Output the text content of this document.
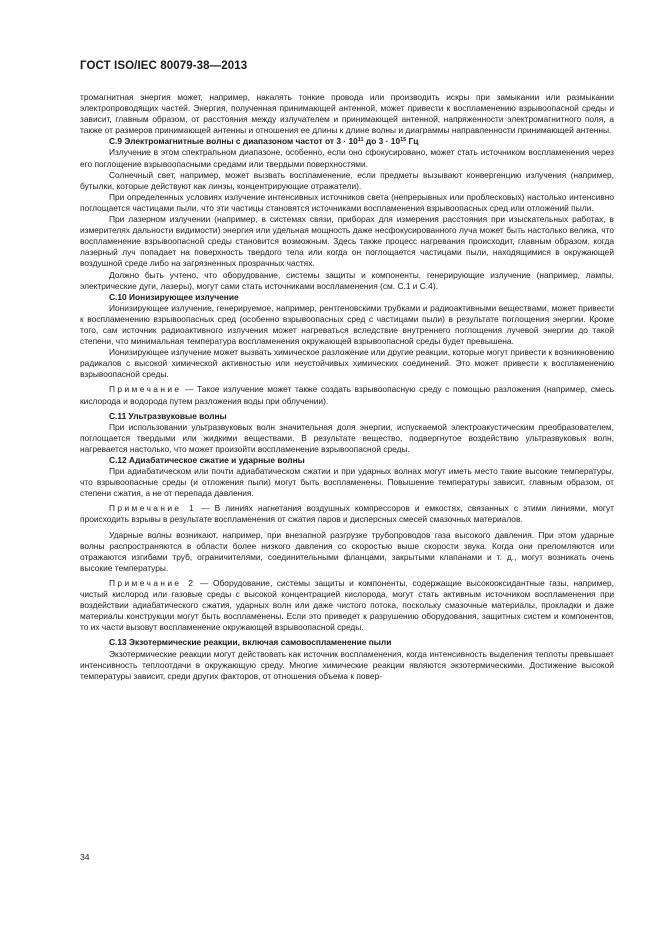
ГОСТ ISO/IEC 80079-38—2013

тромагнитная энергия может, например, накалять тонкие провода или производить искры при замыкании или размыкании электропроводящих частей. Энергия, полученная принимающей антенной, может привести к воспламенению взрывоопасной среды и зависит, главным образом, от расстояния между излучателем и принимающей антенной, напряженности электромагнитного поля, а также от размеров принимающей антенны и отношения ее длины к длине волны и диаграммы направленности принимающей антенны.

С.9 Электромагнитные волны с диапазоном частот от $3 \cdot 10^{11}$ до $3 \cdot 10^{15}$ Гц

Излучение в этом спектральном диапазоне, особенно, если оно сфокусировано, может стать источником воспламенения через его поглощение взрывоопасными средами или твердыми поверхностями.

Солнечный свет, например, может вызвать воспламенение, если предметы вызывают конвергенцию излучения (например, бутылки, которые действуют как линзы, концентрирующие отражатели).

При определенных условиях излучение интенсивных источников света (непрерывных или проблесковых) настолько интенсивно поглощается частицами пыли, что эти частицы становятся источниками воспламенения взрывоопасных сред или отложений пыли.

При лазерном излучении (например, в системах связи, приборах для измерения расстояния при изыскательных работах, в измерителях дальности видимости) энергия или удельная мощность даже несфокусированного луча может быть настолько велика, что воспламенение взрывоопасной среды становится возможным. Здесь также процесс нагревания происходит, главным образом, когда лазерный луч попадает на поверхность твердого тела или когда он поглощается частицами пыли, находящимися в окружающей воздушной среде либо на загрязненных прозрачных частях.

Должно быть учтено, что оборудование, системы защиты и компоненты, генерирующие излучение (например, лампы, электрические дуги, лазеры), могут сами стать источниками воспламенения (см. С.1 и С.4).

С.10 Ионизирующее излучение

Ионизирующее излучение, генерируемое, например, рентгеновскими трубками и радиоактивными веществами, может привести к воспламенению взрывоопасных сред (особенно взрывоопасных сред с частицами пыли) в результате поглощения энергии. Кроме того, сам источник радиоактивного излучения может нагреваться вследствие внутреннего поглощения лучевой энергии до такой степени, что минимальная температура воспламенения окружающей взрывоопасной среды будет превышена.

Ионизирующее излучение может вызвать химическое разложение или другие реакции, которые могут привести к возникновению радикалов с высокой химической активностью или неустойчивых химических соединений. Это может привести к воспламенению взрывоопасной среды.

Примечание — Такое излучение может также создать взрывоопасную среду с помощью разложения (например, смесь кислорода и водорода путем разложения воды при облучении).

С.11 Ультразвуковые волны

При использовании ультразвуковых волн значительная доля энергии, испускаемой электроакустическим преобразователем, поглощается твердыми или жидкими веществами. В результате вещество, подвергнутое воздействию ультразвуковых волн, нагревается настолько, что может произойти воспламенение взрывоопасной среды.

С.12 Адиабатическое сжатие и ударные волны

При адиабатическом или почти адиабатическом сжатии и при ударных волнах могут иметь место такие высокие температуры, что взрывоопасные среды (и отложения пыли) могут быть воспламенены. Повышение температуры зависит, главным образом, от степени сжатия, а не от перепада давления.

Примечание 1 — В линиях нагнетания воздушных компрессоров и емкостях, связанных с этими линиями, могут происходить взрывы в результате воспламенения от сжатия паров и дисперсных смесей смазочных материалов.

Ударные волны возникают, например, при внезапной разгрузке трубопроводов газа высокого давления. При этом ударные волны распространяются в области более низкого давления со скоростью выше скорости звука. Когда они преломляются или отражаются изгибами труб, ограничителями, соединительными фланцами, закрытыми клапанами и т. д., могут возникать очень высокие температуры.

Примечание 2 — Оборудование, системы защиты и компоненты, содержащие высокооксидантные газы, например, чистый кислород или газовые среды с высокой концентрацией кислорода, могут стать активным источником воспламенения при воздействии адиабатического сжатия, ударных волн или даже чистого потока, поскольку смазочные материалы, прокладки и даже материалы конструкции могут быть воспламенены. Если это приведет к разрушению оборудования, защитных систем и компонентов, то их части вызовут воспламенение окружающей взрывоопасной среды.

С.13 Экзотермические реакции, включая самовоспламенение пыли

Экзотермические реакции могут действовать как источник воспламенения, когда интенсивность выделения теплоты превышает интенсивность теплоотдачи в окружающую среду. Многие химические реакции являются экзотермическими. Достижение высокой температуры зависит, среди других факторов, от отношения объема к повер-

34
